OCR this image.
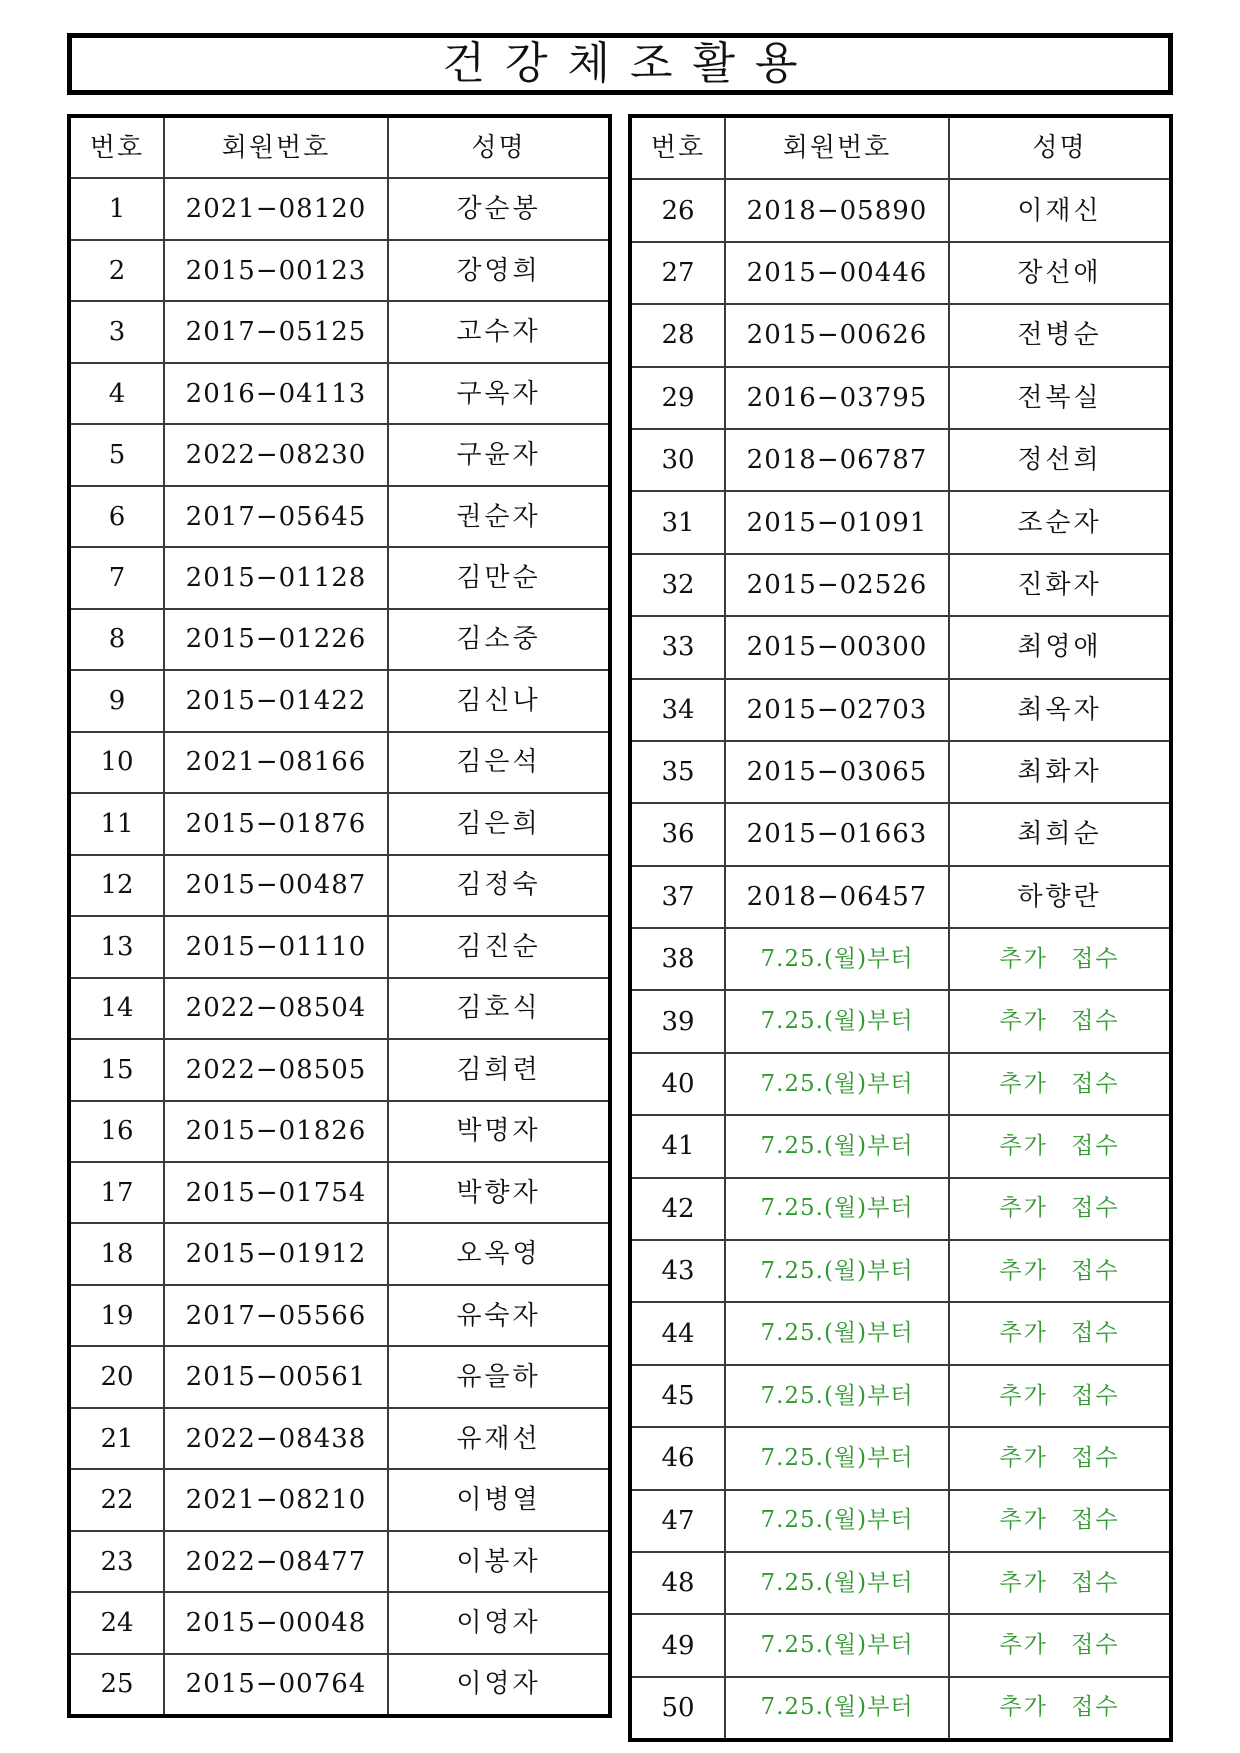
건강체조활용
번호	회원번호	성명
1	2021−08120	강순봉
2	2015−00123	강영희
3	2017−05125	고수자
4	2016−04113	구옥자
5	2022−08230	구윤자
6	2017−05645	권순자
7	2015−01128	김만순
8	2015−01226	김소중
9	2015−01422	김신나
10	2021−08166	김은석
11	2015−01876	김은희
12	2015−00487	김정숙
13	2015−01110	김진순
14	2022−08504	김호식
15	2022−08505	김희련
16	2015−01826	박명자
17	2015−01754	박향자
18	2015−01912	오옥영
19	2017−05566	유숙자
20	2015−00561	유을하
21	2022−08438	유재선
22	2021−08210	이병열
23	2022−08477	이봉자
24	2015−00048	이영자
25	2015−00764	이영자
번호	회원번호	성명
26	2018−05890	이재신
27	2015−00446	장선애
28	2015−00626	전병순
29	2016−03795	전복실
30	2018−06787	정선희
31	2015−01091	조순자
32	2015−02526	진화자
33	2015−00300	최영애
34	2015−02703	최옥자
35	2015−03065	최화자
36	2015−01663	최희순
37	2018−06457	하향란
38	7.25.(월)부터	추가 접수
39	7.25.(월)부터	추가 접수
40	7.25.(월)부터	추가 접수
41	7.25.(월)부터	추가 접수
42	7.25.(월)부터	추가 접수
43	7.25.(월)부터	추가 접수
44	7.25.(월)부터	추가 접수
45	7.25.(월)부터	추가 접수
46	7.25.(월)부터	추가 접수
47	7.25.(월)부터	추가 접수
48	7.25.(월)부터	추가 접수
49	7.25.(월)부터	추가 접수
50	7.25.(월)부터	추가 접수
